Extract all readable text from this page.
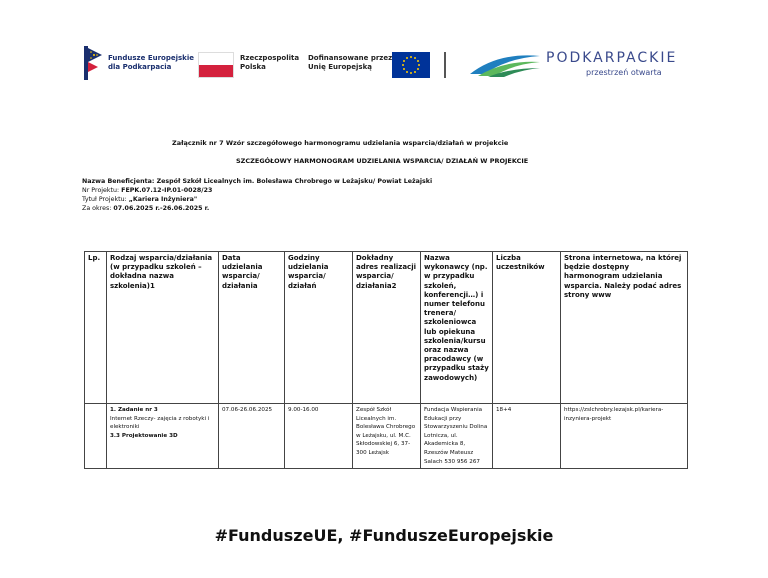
Fundusze Europejskie
dla Podkarpacia
Rzeczpospolita
Polska
Dofinansowane przez
Unię Europejską
PODKARPACKIE
przestrzeń otwarta
Załącznik nr 7 Wzór szczegółowego harmonogramu udzielania wsparcia/działań w projekcie
SZCZEGÓŁOWY HARMONOGRAM UDZIELANIA WSPARCIA/ DZIAŁAŃ W PROJEKCIE
Nazwa Beneficjenta: Zespół Szkół Licealnych im. Bolesława Chrobrego w Leżajsku/ Powiat Leżajski
Nr Projektu: FEPK.07.12-IP.01-0028/23
Tytuł Projektu: „Kariera Inżyniera"
Za okres: 07.06.2025 r.-26.06.2025 r.
Lp.	Rodzaj wsparcia/działania (w przypadku szkoleń – dokładna nazwa szkolenia)1	Data udzielania wsparcia/ działania	Godziny udzielania wsparcia/ działań	Dokładny adres realizacji wsparcia/ działania2	Nazwa wykonawcy (np. w przypadku szkoleń, konferencji…) i numer telefonu trenera/ szkoleniowca lub opiekuna szkolenia/kursu oraz nazwa pracodawcy (w przypadku staży zawodowych)	Liczba uczestników	Strona internetowa, na której będzie dostępny harmonogram udzielania wsparcia. Należy podać adres strony www

	1. Zadanie nr 3
Internet Rzeczy- zajęcia z robotyki i elektroniki
3.3 Projektowanie 3D	07.06-26.06.2025	9.00-16.00	Zespół Szkół Licealnych im. Bolesława Chrobrego w Leżajsku, ul. M.C. Skłodowskiej 6, 37-300 Leżajsk	Fundacja Wspierania Edukacji przy Stowarzyszeniu Dolina Lotnicza, ul. Akademicka 8, Rzeszów Mateusz Salach 530 956 267	18+4	https://zslchrobry.lezajsk.pl/kariera-inzyniera-projekt
#FunduszeUE, #FunduszeEuropejskie
